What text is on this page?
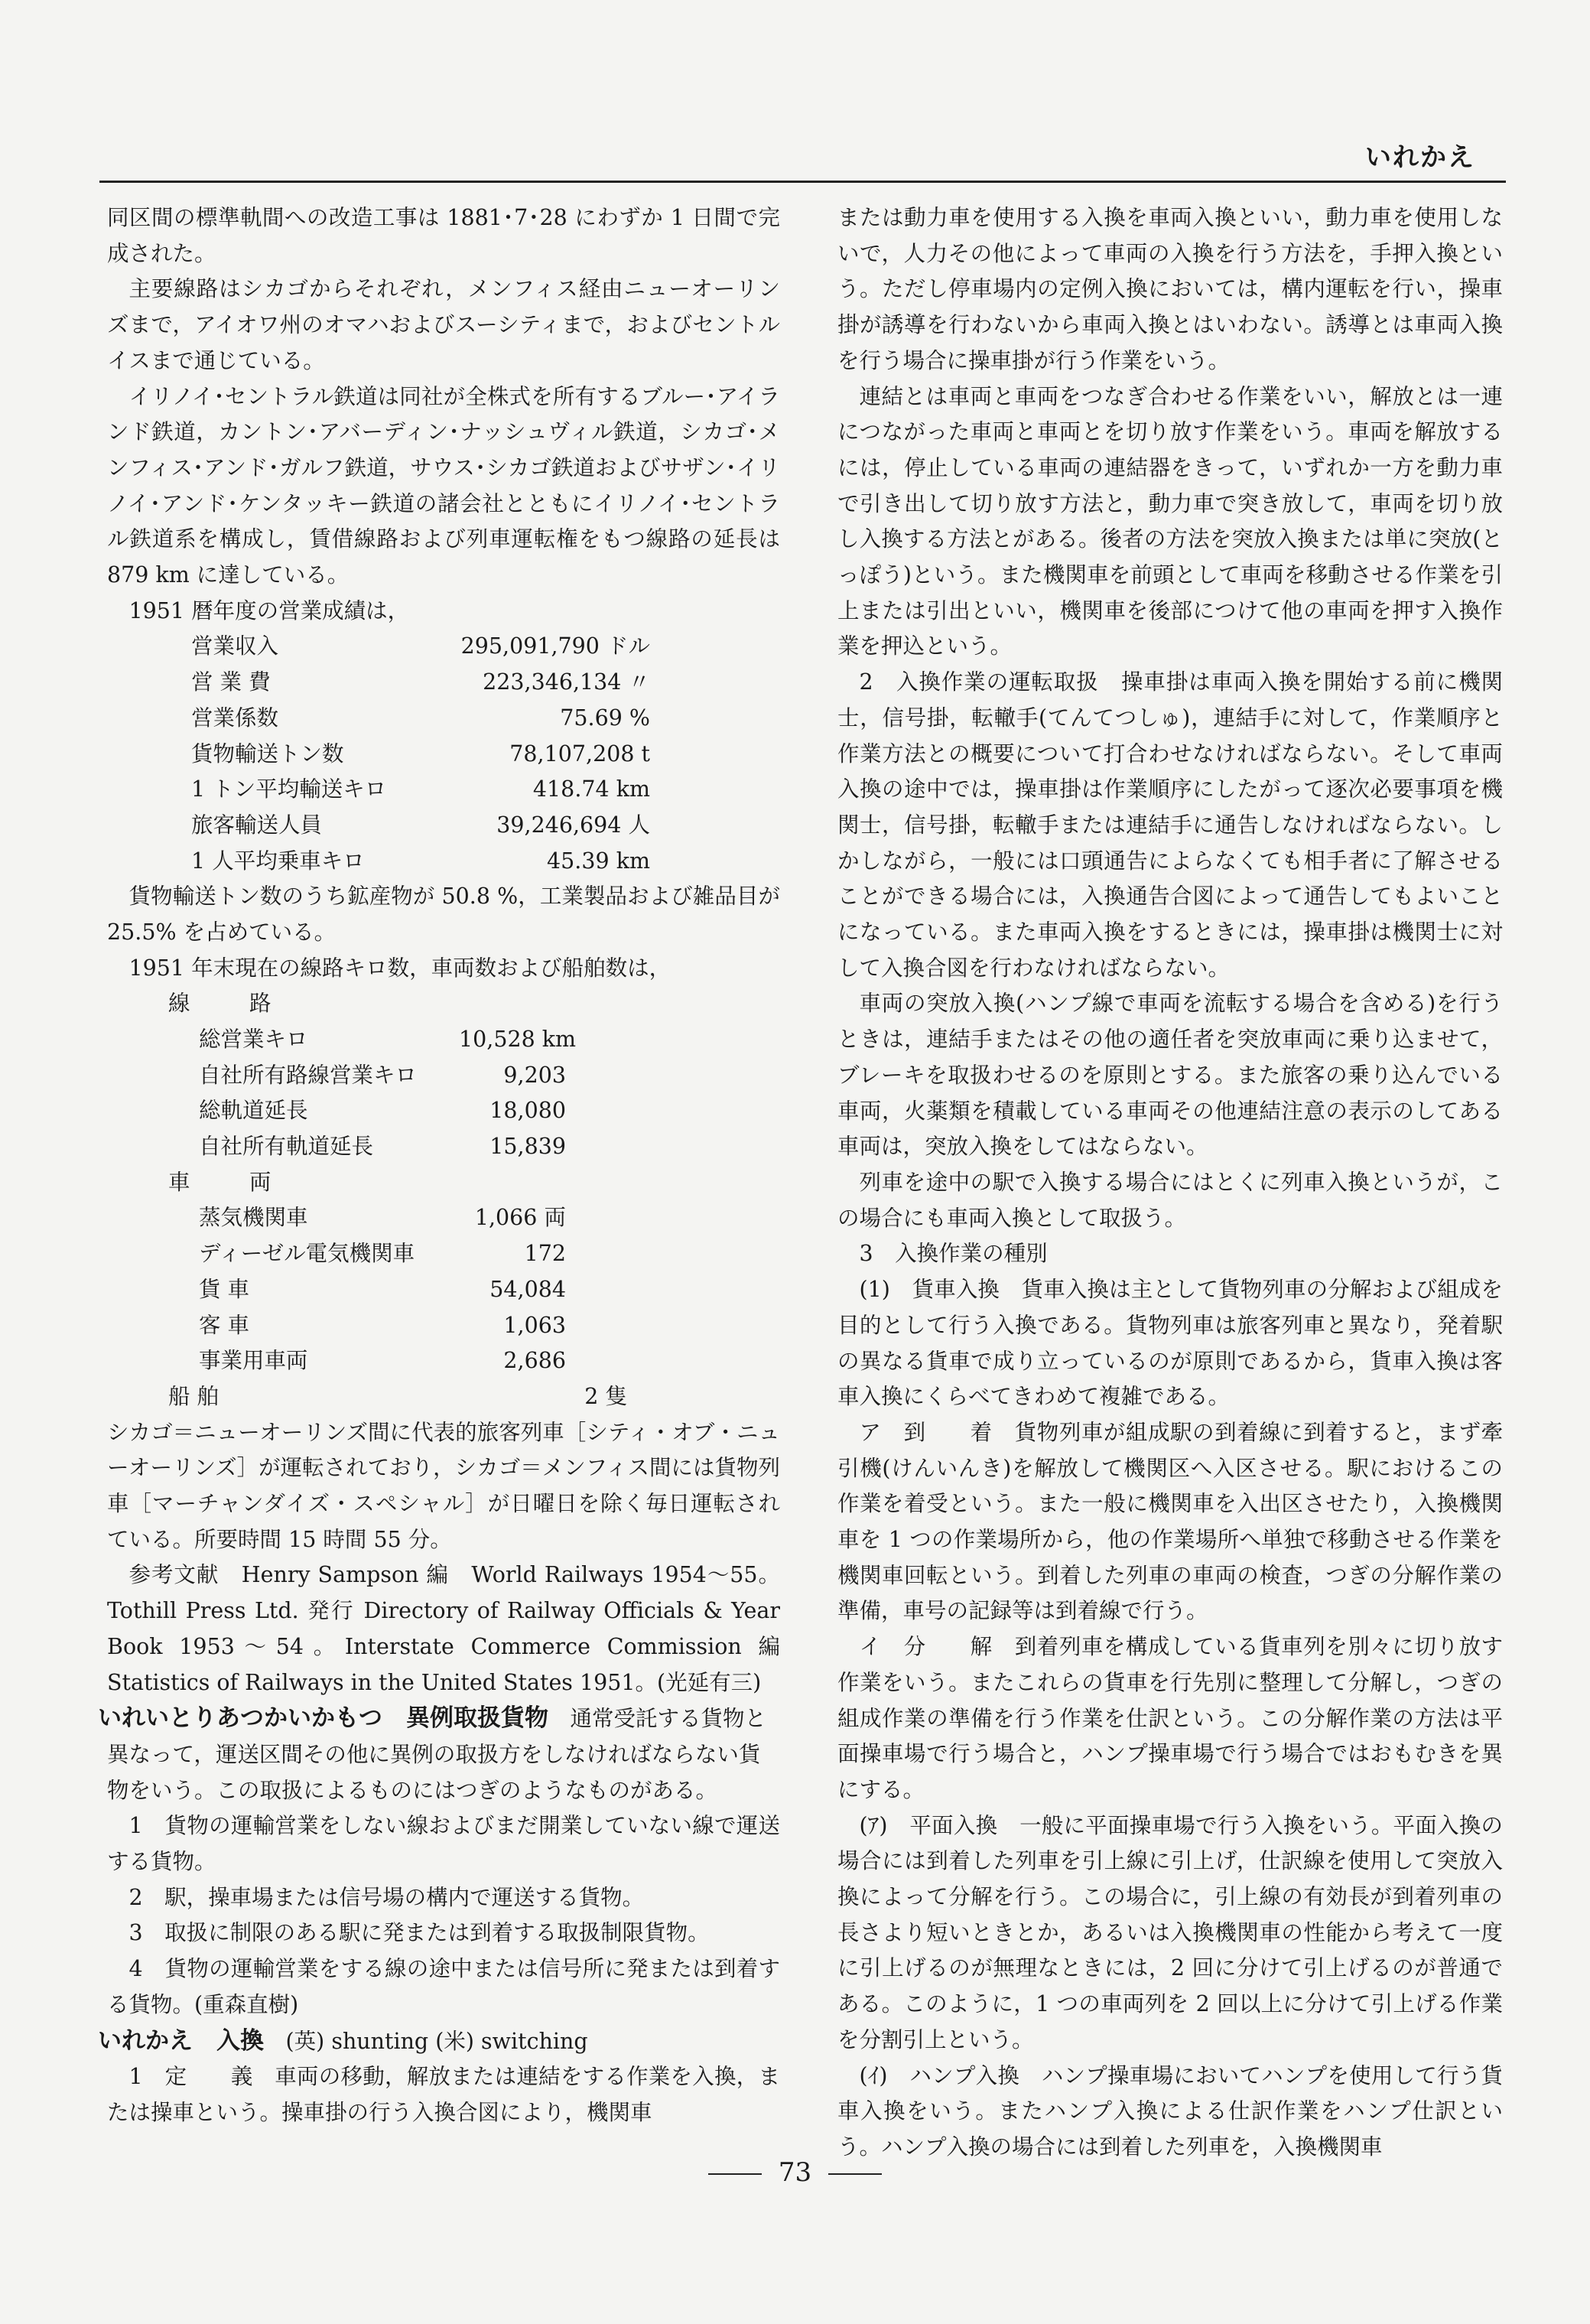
いれかえ

同区間の標準軌間への改造工事は 1881･7･28 にわずか 1 日間で完成された。

主要線路はシカゴからそれぞれ，メンフィス経由ニューオーリンズまで，アイオワ州のオマハおよびスーシティまで，およびセントルイスまで通じている。

イリノイ･セントラル鉄道は同社が全株式を所有するブルー･アイランド鉄道，カントン･アバーディン･ナッシュヴィル鉄道，シカゴ･メンフィス･アンド･ガルフ鉄道，サウス･シカゴ鉄道およびサザン･イリノイ･アンド･ケンタッキー鉄道の諸会社とともにイリノイ･セントラル鉄道系を構成し，賃借線路および列車運転権をもつ線路の延長は 879 km に達している。

1951 暦年度の営業成績は，

営業収入	295,091,790 ドル
営 業 費	223,346,134 〃
営業係数	75.69 %
貨物輸送トン数	78,107,208 t
1 トン平均輸送キロ	418.74 km
旅客輸送人員	39,246,694 人
1 人平均乗車キロ	45.39 km

貨物輸送トン数のうち鉱産物が 50.8 %，工業製品および雑品目が 25.5% を占めている。

1951 年末現在の線路キロ数，車両数および船舶数は，

線 路
総営業キロ	10,528 km
自社所有路線営業キロ	9,203
総軌道延長	18,080
自社所有軌道延長	15,839
車 両
蒸気機関車	1,066 両
ディーゼル電気機関車	172
貨 車	54,084
客 車	1,063
事業用車両	2,686
船 舶	2 隻

シカゴ＝ニューオーリンズ間に代表的旅客列車［シティ・オブ・ニューオーリンズ］が運転されており，シカゴ＝メンフィス間には貨物列車［マーチャンダイズ・スペシャル］が日曜日を除く毎日運転されている。所要時間 15 時間 55 分。

参考文献　Henry Sampson 編　World Railways 1954～55。Tothill Press Ltd. 発行 Directory of Railway Officials & Year Book 1953～54。Interstate Commerce Commission 編 Statistics of Railways in the United States 1951。(光延有三)

いれいとりあつかいかもつ　異例取扱貨物　 通常受託する貨物と異なって，運送区間その他に異例の取扱方をしなければならない貨物をいう。この取扱によるものにはつぎのようなものがある。

1　貨物の運輸営業をしない線およびまだ開業していない線で運送する貨物。

2　駅，操車場または信号場の構内で運送する貨物。

3　取扱に制限のある駅に発または到着する取扱制限貨物。

4　貨物の運輸営業をする線の途中または信号所に発または到着する貨物。(重森直樹)

いれかえ　入換　 (英) shunting (米) switching

1　定　　義　車両の移動，解放または連結をする作業を入換，または操車という。操車掛の行う入換合図により，機関車

または動力車を使用する入換を車両入換といい，動力車を使用しないで，人力その他によって車両の入換を行う方法を，手押入換という。ただし停車場内の定例入換においては，構内運転を行い，操車掛が誘導を行わないから車両入換とはいわない。誘導とは車両入換を行う場合に操車掛が行う作業をいう。

連結とは車両と車両をつなぎ合わせる作業をいい，解放とは一連につながった車両と車両とを切り放す作業をいう。車両を解放するには，停止している車両の連結器をきって，いずれか一方を動力車で引き出して切り放す方法と，動力車で突き放して，車両を切り放し入換する方法とがある。後者の方法を突放入換または単に突放(とっぽう)という。また機関車を前頭として車両を移動させる作業を引上または引出といい，機関車を後部につけて他の車両を押す入換作業を押込という。

2　入換作業の運転取扱　操車掛は車両入換を開始する前に機関士，信号掛，転轍手(てんてつしゅ)，連結手に対して，作業順序と作業方法との概要について打合わせなければならない。そして車両入換の途中では，操車掛は作業順序にしたがって逐次必要事項を機関士，信号掛，転轍手または連結手に通告しなければならない。しかしながら，一般には口頭通告によらなくても相手者に了解させることができる場合には，入換通告合図によって通告してもよいことになっている。また車両入換をするときには，操車掛は機関士に対して入換合図を行わなければならない。

車両の突放入換(ハンプ線で車両を流転する場合を含める)を行うときは，連結手またはその他の適任者を突放車両に乗り込ませて，ブレーキを取扱わせるのを原則とする。また旅客の乗り込んでいる車両，火薬類を積載している車両その他連結注意の表示のしてある車両は，突放入換をしてはならない。

列車を途中の駅で入換する場合にはとくに列車入換というが，この場合にも車両入換として取扱う。

3　入換作業の種別

(1)　貨車入換　貨車入換は主として貨物列車の分解および組成を目的として行う入換である。貨物列車は旅客列車と異なり，発着駅の異なる貨車で成り立っているのが原則であるから，貨車入換は客車入換にくらべてきわめて複雑である。

ア　到　　着　貨物列車が組成駅の到着線に到着すると，まず牽引機(けんいんき)を解放して機関区へ入区させる。駅におけるこの作業を着受という。また一般に機関車を入出区させたり，入換機関車を 1 つの作業場所から，他の作業場所へ単独で移動させる作業を機関車回転という。到着した列車の車両の検査，つぎの分解作業の準備，車号の記録等は到着線で行う。

イ　分　　解　到着列車を構成している貨車列を別々に切り放す作業をいう。またこれらの貨車を行先別に整理して分解し，つぎの組成作業の準備を行う作業を仕訳という。この分解作業の方法は平面操車場で行う場合と，ハンプ操車場で行う場合ではおもむきを異にする。

(ｱ)　平面入換　一般に平面操車場で行う入換をいう。平面入換の場合には到着した列車を引上線に引上げ，仕訳線を使用して突放入換によって分解を行う。この場合に，引上線の有効長が到着列車の長さより短いときとか，あるいは入換機関車の性能から考えて一度に引上げるのが無理なときには，2 回に分けて引上げるのが普通である。このように，1 つの車両列を 2 回以上に分けて引上げる作業を分割引上という。

(ｲ)　ハンプ入換　ハンプ操車場においてハンプを使用して行う貨車入換をいう。またハンプ入換による仕訳作業をハンプ仕訳という。ハンプ入換の場合には到着した列車を，入換機関車

73
